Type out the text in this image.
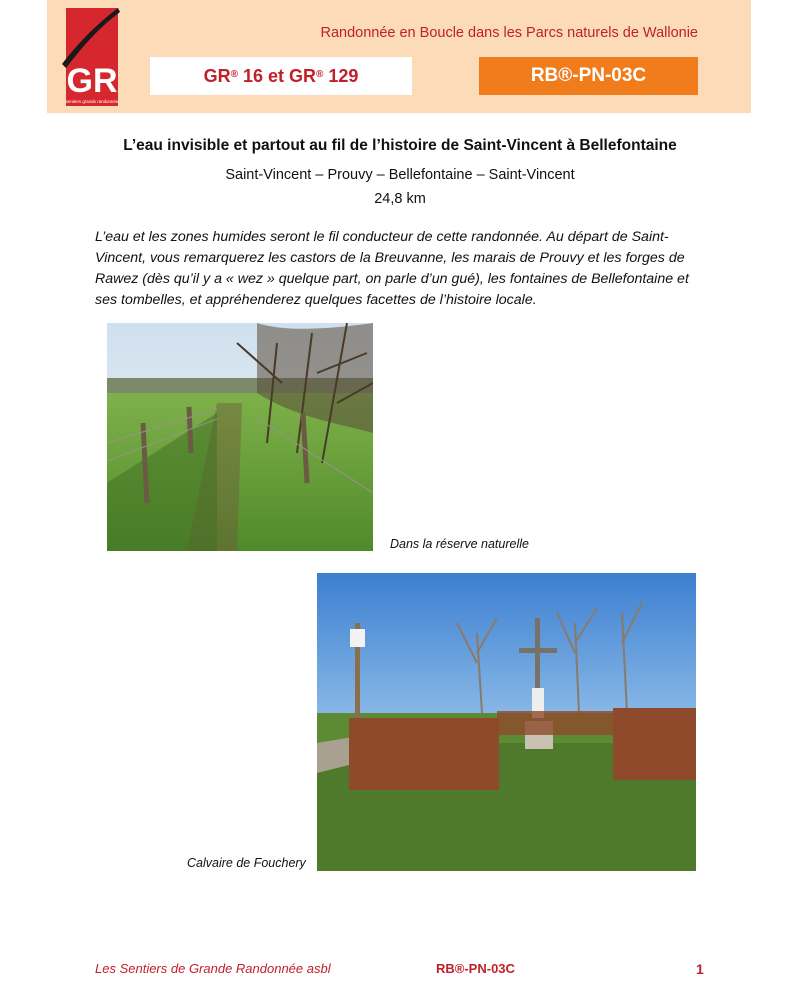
GR
sentiers grande randonnée
Randonnée en Boucle dans les Parcs naturels de Wallonie
GR® 16 et GR® 129	RB®-PN-03C
L’eau invisible et partout au fil de l’histoire de Saint-Vincent à Bellefontaine
Saint-Vincent – Prouvy – Bellefontaine – Saint-Vincent
24,8 km
L’eau et les zones humides seront le fil conducteur de cette randonnée. Au départ de Saint-Vincent, vous remarquerez les castors de la Breuvanne, les marais de Prouvy et les forges de Rawez (dès qu’il y a « wez » quelque part, on parle d’un gué), les fontaines de Bellefontaine et ses tombelles, et appréhenderez quelques facettes de l’histoire locale.
Dans la réserve naturelle
Calvaire de Fouchery
Les Sentiers de Grande Randonnée asbl	RB®-PN-03C	1
